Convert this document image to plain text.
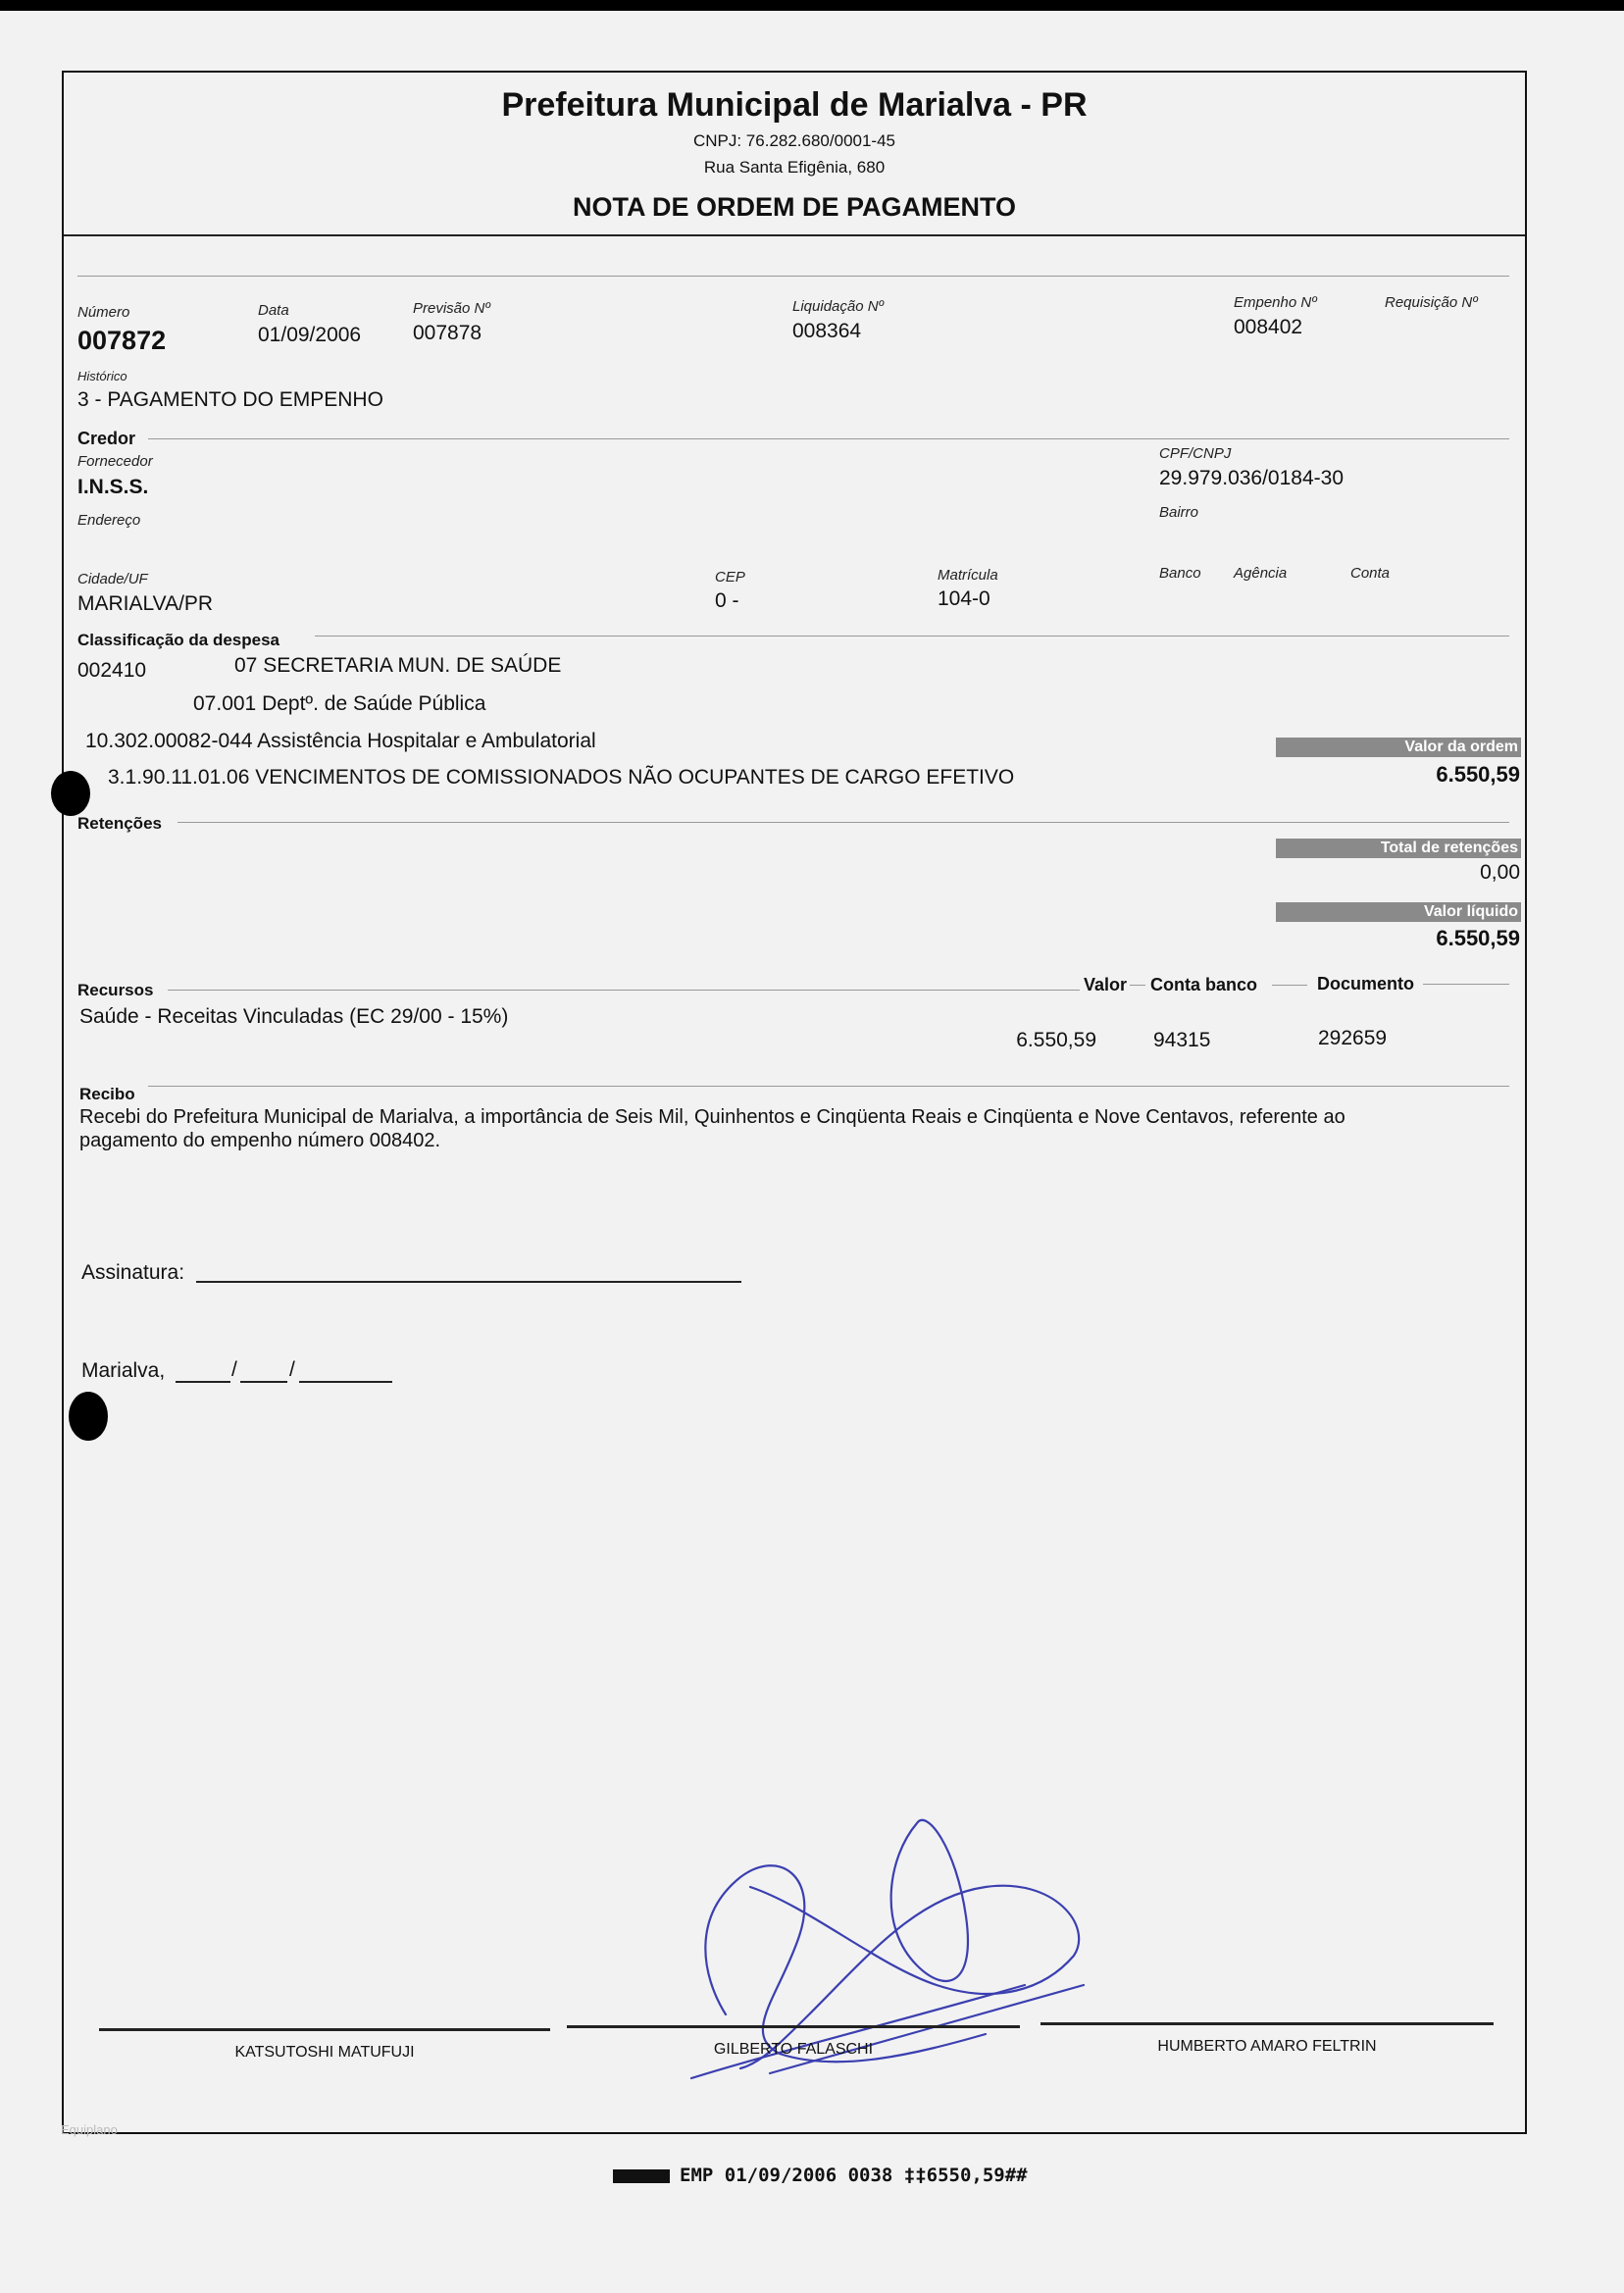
Prefeitura Municipal de Marialva - PR
CNPJ: 76.282.680/0001-45
Rua Santa Efigênia, 680
NOTA DE ORDEM DE PAGAMENTO
Número
007872
Data
01/09/2006
Previsão Nº
007878
Liquidação Nº
008364
Empenho Nº
008402
Requisição Nº
Histórico
3 - PAGAMENTO DO EMPENHO
Credor
Fornecedor
I.N.S.S.
CPF/CNPJ
29.979.036/0184-30
Endereço	Bairro
Cidade/UF
MARIALVA/PR
CEP
0 -
Matrícula
104-0
Banco Agência	Conta
Classificação da despesa
002410	07 SECRETARIA MUN. DE SAÚDE
07.001 Deptº. de Saúde Pública
10.302.00082-044 Assistência Hospitalar e Ambulatorial
3.1.90.11.01.06 VENCIMENTOS DE COMISSIONADOS NÃO OCUPANTES DE CARGO EFETIVO
Valor da ordem
6.550,59
Retenções
Total de retenções
0,00
Valor líquido
6.550,59
Recursos	Valor Conta banco	Documento
Saúde - Receitas Vinculadas (EC 29/00 - 15%)
6.550,59	94315	292659
Recibo
Recebi do Prefeitura Municipal de Marialva, a importância de Seis Mil, Quinhentos e Cinqüenta Reais e Cinqüenta e Nove Centavos, referente ao
pagamento do empenho número 008402.
Assinatura:
Marialva,	/	/
KATSUTOSHI MATUFUJI	GILBERTO FALASCHI	HUMBERTO AMARO FELTRIN
Equiplano
EMP 01/09/2006 0038 ‡‡6550,59##
